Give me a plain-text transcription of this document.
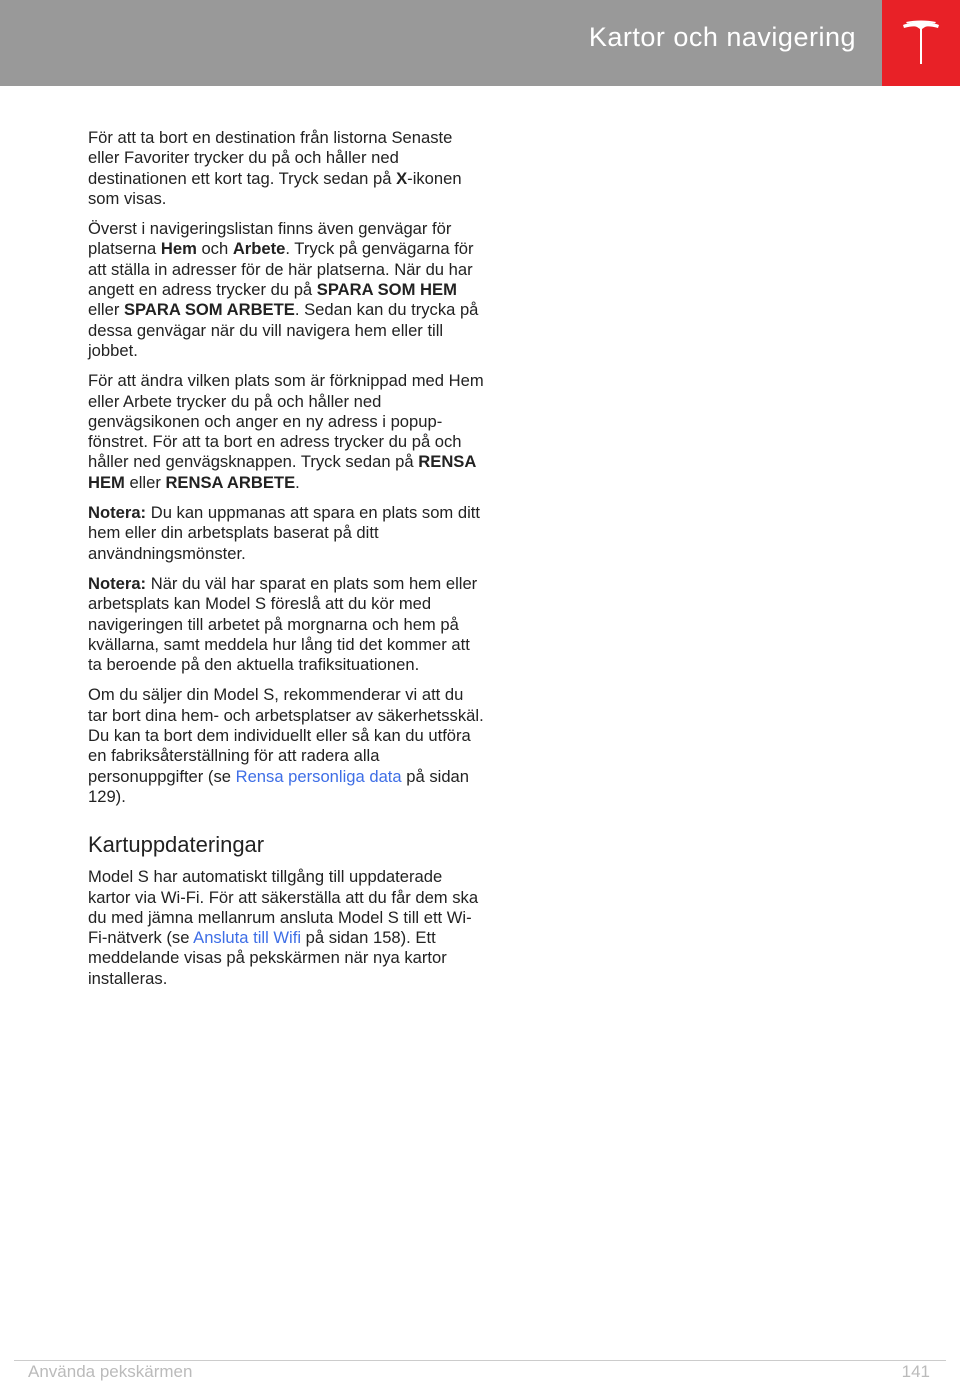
Kartor och navigering

För att ta bort en destination från listorna Senaste eller Favoriter trycker du på och håller ned destinationen ett kort tag. Tryck sedan på X-ikonen som visas.

Överst i navigeringslistan finns även genvägar för platserna Hem och Arbete. Tryck på genvägarna för att ställa in adresser för de här platserna. När du har angett en adress trycker du på SPARA SOM HEM eller SPARA SOM ARBETE. Sedan kan du trycka på dessa genvägar när du vill navigera hem eller till jobbet.

För att ändra vilken plats som är förknippad med Hem eller Arbete trycker du på och håller ned genvägsikonen och anger en ny adress i popup-fönstret. För att ta bort en adress trycker du på och håller ned genvägsknappen. Tryck sedan på RENSA HEM eller RENSA ARBETE.

Notera: Du kan uppmanas att spara en plats som ditt hem eller din arbetsplats baserat på ditt användningsmönster.

Notera: När du väl har sparat en plats som hem eller arbetsplats kan Model S föreslå att du kör med navigeringen till arbetet på morgnarna och hem på kvällarna, samt meddela hur lång tid det kommer att ta beroende på den aktuella trafiksituationen.

Om du säljer din Model S, rekommenderar vi att du tar bort dina hem- och arbetsplatser av säkerhetsskäl. Du kan ta bort dem individuellt eller så kan du utföra en fabriksåterställning för att radera alla personuppgifter (se Rensa personliga data på sidan 129).

Kartuppdateringar

Model S har automatiskt tillgång till uppdaterade kartor via Wi-Fi. För att säkerställa att du får dem ska du med jämna mellanrum ansluta Model S till ett Wi-Fi-nätverk (se Ansluta till Wifi på sidan 158). Ett meddelande visas på pekskärmen när nya kartor installeras.

Använda pekskärmen	141
